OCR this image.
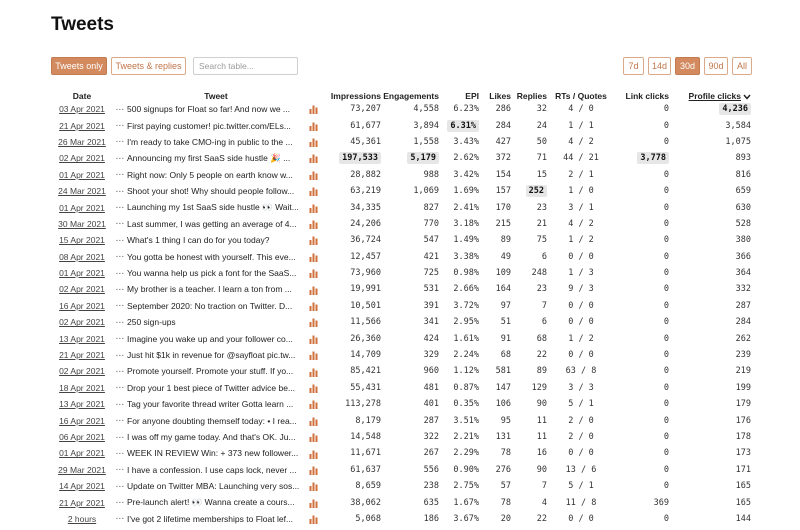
Tweets
Tweets only	Tweets & replies
Search table...	7d	14d	30d	90d	All
Date		Tweet		Impressions	Engagements	EPI	Likes	Replies	RTs / Quotes	Link clicks	Profile clicks
03 Apr 2021	⋯	500 signups for Float so far! And now we ...		73,207	4,558	6.23%	286	32	4 / 0	0	4,236
21 Apr 2021	⋯	First paying customer! pic.twitter.com/ELs...		61,677	3,894	6.31%	284	24	1 / 1	0	3,584
26 Mar 2021	⋯	I'm ready to take CMO-ing in public to the ...		45,361	1,558	3.43%	427	50	4 / 2	0	1,075
02 Apr 2021	⋯	Announcing my first SaaS side hustle 🎉 ...		197,533	5,179	2.62%	372	71	44 / 21	3,778	893
01 Apr 2021	⋯	Right now: Only 5 people on earth know w...		28,882	988	3.42%	154	15	2 / 1	0	816
24 Mar 2021	⋯	Shoot your shot! Why should people follow...		63,219	1,069	1.69%	157	252	1 / 0	0	659
01 Apr 2021	⋯	Launching my 1st SaaS side hustle 👀 Wait...		34,335	827	2.41%	170	23	3 / 1	0	630
30 Mar 2021	⋯	Last summer, I was getting an average of 4...		24,206	770	3.18%	215	21	4 / 2	0	528
15 Apr 2021	⋯	What's 1 thing I can do for you today?		36,724	547	1.49%	89	75	1 / 2	0	380
08 Apr 2021	⋯	You gotta be honest with yourself. This eve...		12,457	421	3.38%	49	6	0 / 0	0	366
01 Apr 2021	⋯	You wanna help us pick a font for the SaaS...		73,960	725	0.98%	109	248	1 / 3	0	364
02 Apr 2021	⋯	My brother is a teacher. I learn a ton from ...		19,991	531	2.66%	164	23	9 / 3	0	332
16 Apr 2021	⋯	September 2020: No traction on Twitter. D...		10,501	391	3.72%	97	7	0 / 0	0	287
02 Apr 2021	⋯	250 sign-ups		11,566	341	2.95%	51	6	0 / 0	0	284
13 Apr 2021	⋯	Imagine you wake up and your follower co...		26,360	424	1.61%	91	68	1 / 2	0	262
21 Apr 2021	⋯	Just hit $1k in revenue for @sayfloat pic.tw...		14,709	329	2.24%	68	22	0 / 0	0	239
02 Apr 2021	⋯	Promote yourself. Promote your stuff. If yo...		85,421	960	1.12%	581	89	63 / 8	0	219
18 Apr 2021	⋯	Drop your 1 best piece of Twitter advice be...		55,431	481	0.87%	147	129	3 / 3	0	199
13 Apr 2021	⋯	Tag your favorite thread writer Gotta learn ...		113,278	401	0.35%	106	90	5 / 1	0	179
16 Apr 2021	⋯	For anyone doubting themself today: • I rea...		8,179	287	3.51%	95	11	2 / 0	0	176
06 Apr 2021	⋯	I was off my game today. And that's OK. Ju...		14,548	322	2.21%	131	11	2 / 0	0	178
01 Apr 2021	⋯	WEEK IN REVIEW Win: + 373 new follower...		11,671	267	2.29%	78	16	0 / 0	0	173
29 Mar 2021	⋯	I have a confession. I use caps lock, never ...		61,637	556	0.90%	276	90	13 / 6	0	171
14 Apr 2021	⋯	Update on Twitter MBA: Launching very sos...		8,659	238	2.75%	57	7	5 / 1	0	165
21 Apr 2021	⋯	Pre-launch alert! 👀 Wanna create a cours...		38,062	635	1.67%	78	4	11 / 8	369	165
2 hours	⋯	I've got 2 lifetime memberships to Float lef...		5,068	186	3.67%	20	22	0 / 0	0	144
